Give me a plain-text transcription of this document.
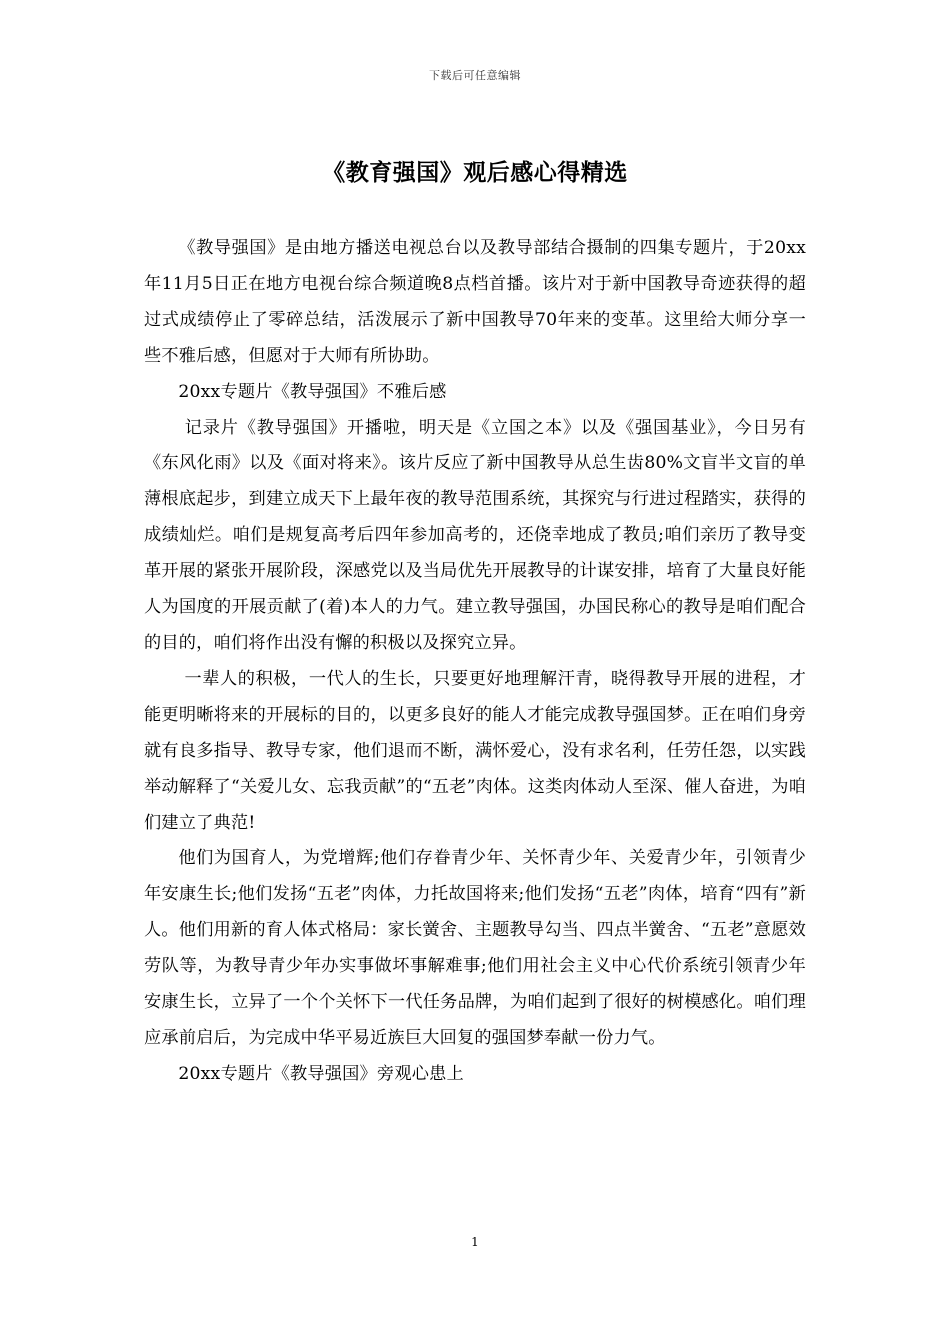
下载后可任意编辑
《教育强国》观后感心得精选

《教导强国》是由地方播送电视总台以及教导部结合摄制的四集专题片，于20xx年11月5日正在地方电视台综合频道晚8点档首播。该片对于新中国教导奇迹获得的超过式成绩停止了零碎总结，活泼展示了新中国教导70年来的变革。这里给大师分享一些不雅后感，但愿对于大师有所协助。

20xx专题片《教导强国》不雅后感

记录片《教导强国》开播啦，明天是《立国之本》以及《强国基业》，今日另有《东风化雨》以及《面对将来》。该片反应了新中国教导从总生齿80%文盲半文盲的单薄根底起步，到建立成天下上最年夜的教导范围系统，其探究与行进过程踏实，获得的成绩灿烂。咱们是规复高考后四年参加高考的，还侥幸地成了教员;咱们亲历了教导变革开展的紧张开展阶段，深感党以及当局优先开展教导的计谋安排，培育了大量良好能人为国度的开展贡献了(着)本人的力气。建立教导强国，办国民称心的教导是咱们配合的目的，咱们将作出没有懈的积极以及探究立异。

一辈人的积极，一代人的生长，只要更好地理解汗青，晓得教导开展的进程，才能更明晰将来的开展标的目的，以更多良好的能人才能完成教导强国梦。正在咱们身旁就有良多指导、教导专家，他们退而不断，满怀爱心，没有求名利，任劳任怨，以实践举动解释了“关爱儿女、忘我贡献”的“五老”肉体。这类肉体动人至深、催人奋进，为咱们建立了典范!

他们为国育人，为党增辉;他们存眷青少年、关怀青少年、关爱青少年，引领青少年安康生长;他们发扬“五老”肉体，力托故国将来;他们发扬“五老”肉体，培育“四有”新人。他们用新的育人体式格局：家长黉舍、主题教导勾当、四点半黉舍、“五老”意愿效劳队等，为教导青少年办实事做坏事解难事;他们用社会主义中心代价系统引领青少年安康生长，立异了一个个关怀下一代任务品牌，为咱们起到了很好的树模感化。咱们理应承前启后，为完成中华平易近族巨大回复的强国梦奉献一份力气。

20xx专题片《教导强国》旁观心患上

1
